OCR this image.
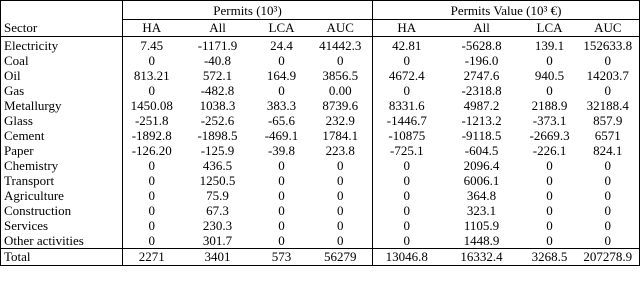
	Permits (10³)				Permits Value (10³ €)			
Sector	HA	All	LCA	AUC	HA	All	LCA	AUC
Electricity	7.45	-1171.9	24.4	41442.3	42.81	-5628.8	139.1	152633.8
Coal	0	-40.8	0	0	0	-196.0	0	0
Oil	813.21	572.1	164.9	3856.5	4672.4	2747.6	940.5	14203.7
Gas	0	-482.8	0	0.00	0	-2318.8	0	0
Metallurgy	1450.08	1038.3	383.3	8739.6	8331.6	4987.2	2188.9	32188.4
Glass	-251.8	-252.6	-65.6	232.9	-1446.7	-1213.2	-373.1	857.9
Cement	-1892.8	-1898.5	-469.1	1784.1	-10875	-9118.5	-2669.3	6571
Paper	-126.20	-125.9	-39.8	223.8	-725.1	-604.5	-226.1	824.1
Chemistry	0	436.5	0	0	0	2096.4	0	0
Transport	0	1250.5	0	0	0	6006.1	0	0
Agriculture	0	75.9	0	0	0	364.8	0	0
Construction	0	67.3	0	0	0	323.1	0	0
Services	0	230.3	0	0	0	1105.9	0	0
Other activities	0	301.7	0	0	0	1448.9	0	0
Total	2271	3401	573	56279	13046.8	16332.4	3268.5	207278.9
